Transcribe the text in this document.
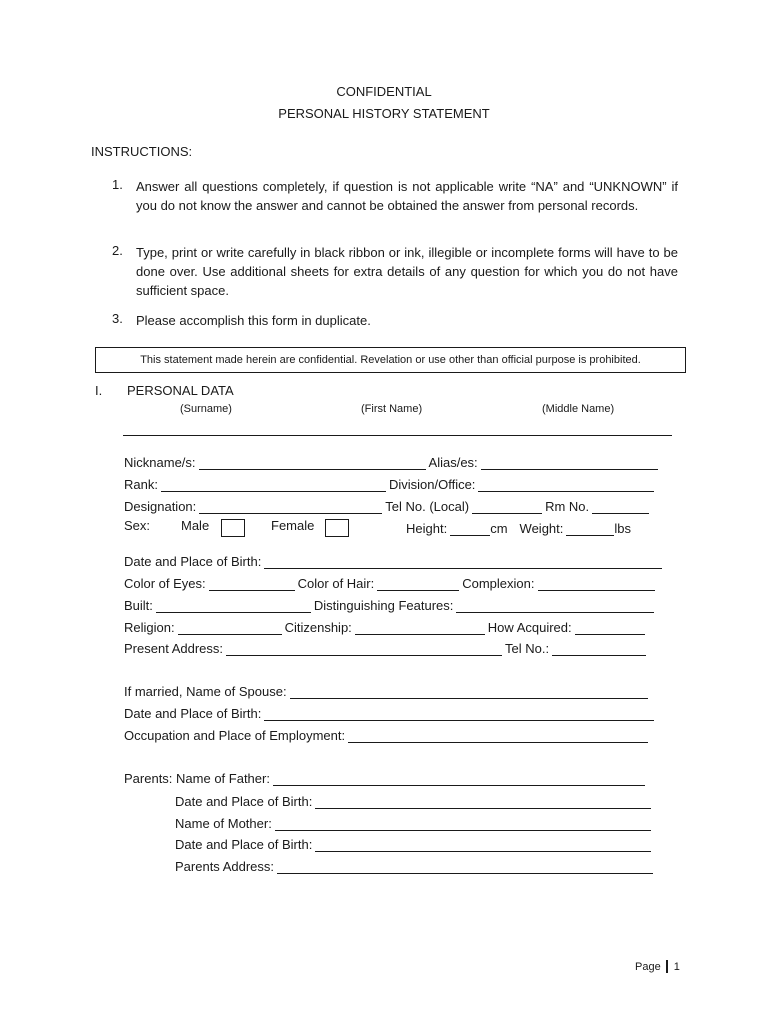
CONFIDENTIAL
PERSONAL HISTORY STATEMENT
INSTRUCTIONS:
1. Answer all questions completely, if question is not applicable write “NA” and “UNKNOWN” if you do not know the answer and cannot be obtained the answer from personal records.
2. Type, print or write carefully in black ribbon or ink, illegible or incomplete forms will have to be done over. Use additional sheets for extra details of any question for which you do not have sufficient space.
3. Please accomplish this form in duplicate.
This statement made herein are confidential. Revelation or use other than official purpose is prohibited.
I. PERSONAL DATA
(Surname)	(First Name)	(Middle Name)
Nickname/s:	Alias/es:
Rank:	Division/Office:
Designation:	Tel No. (Local)	Rm No.
Sex: Male	Female	Height:	cm Weight:	lbs
Date and Place of Birth:
Color of Eyes:	Color of Hair:	Complexion:
Built:	Distinguishing Features:
Religion:	Citizenship:	How Acquired:
Present Address:	Tel No.:
If married, Name of Spouse:
Date and Place of Birth:
Occupation and Place of Employment:
Parents: Name of Father:
Date and Place of Birth:
Name of Mother:
Date and Place of Birth:
Parents Address:
Page 1
